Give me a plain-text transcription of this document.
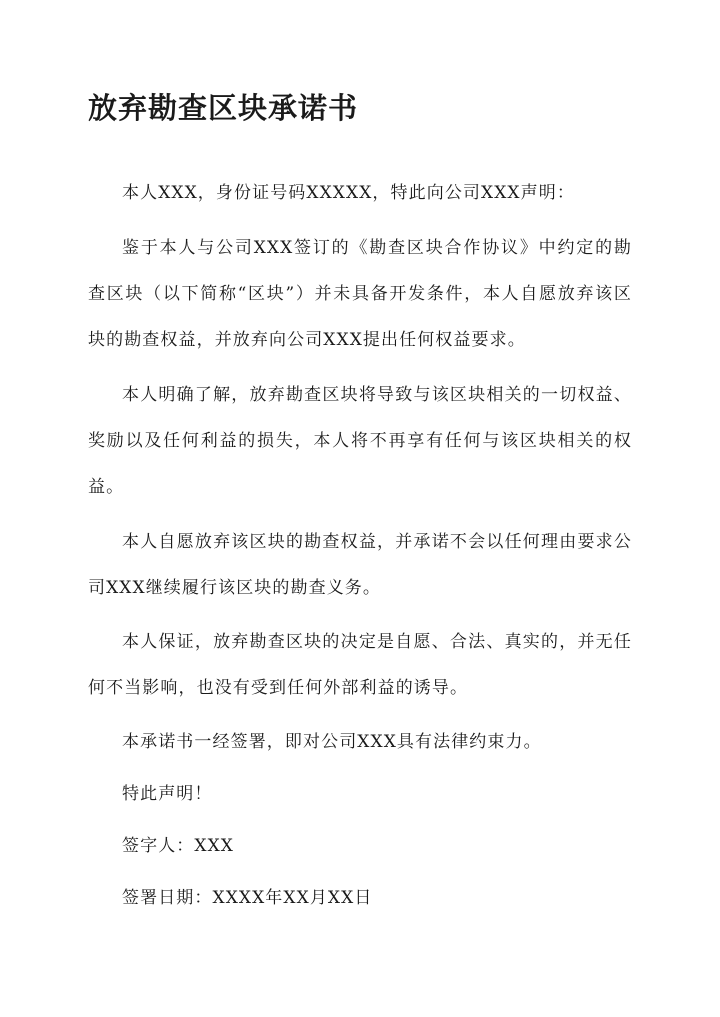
放弃勘查区块承诺书

本人XXX，身份证号码XXXXX，特此向公司XXX声明：

鉴于本人与公司XXX签订的《勘查区块合作协议》中约定的勘查区块（以下简称“区块”）并未具备开发条件，本人自愿放弃该区块的勘查权益，并放弃向公司XXX提出任何权益要求。

本人明确了解，放弃勘查区块将导致与该区块相关的一切权益、奖励以及任何利益的损失，本人将不再享有任何与该区块相关的权益。

本人自愿放弃该区块的勘查权益，并承诺不会以任何理由要求公司XXX继续履行该区块的勘查义务。

本人保证，放弃勘查区块的决定是自愿、合法、真实的，并无任何不当影响，也没有受到任何外部利益的诱导。

本承诺书一经签署，即对公司XXX具有法律约束力。

特此声明！

签字人：XXX

签署日期：XXXX年XX月XX日
